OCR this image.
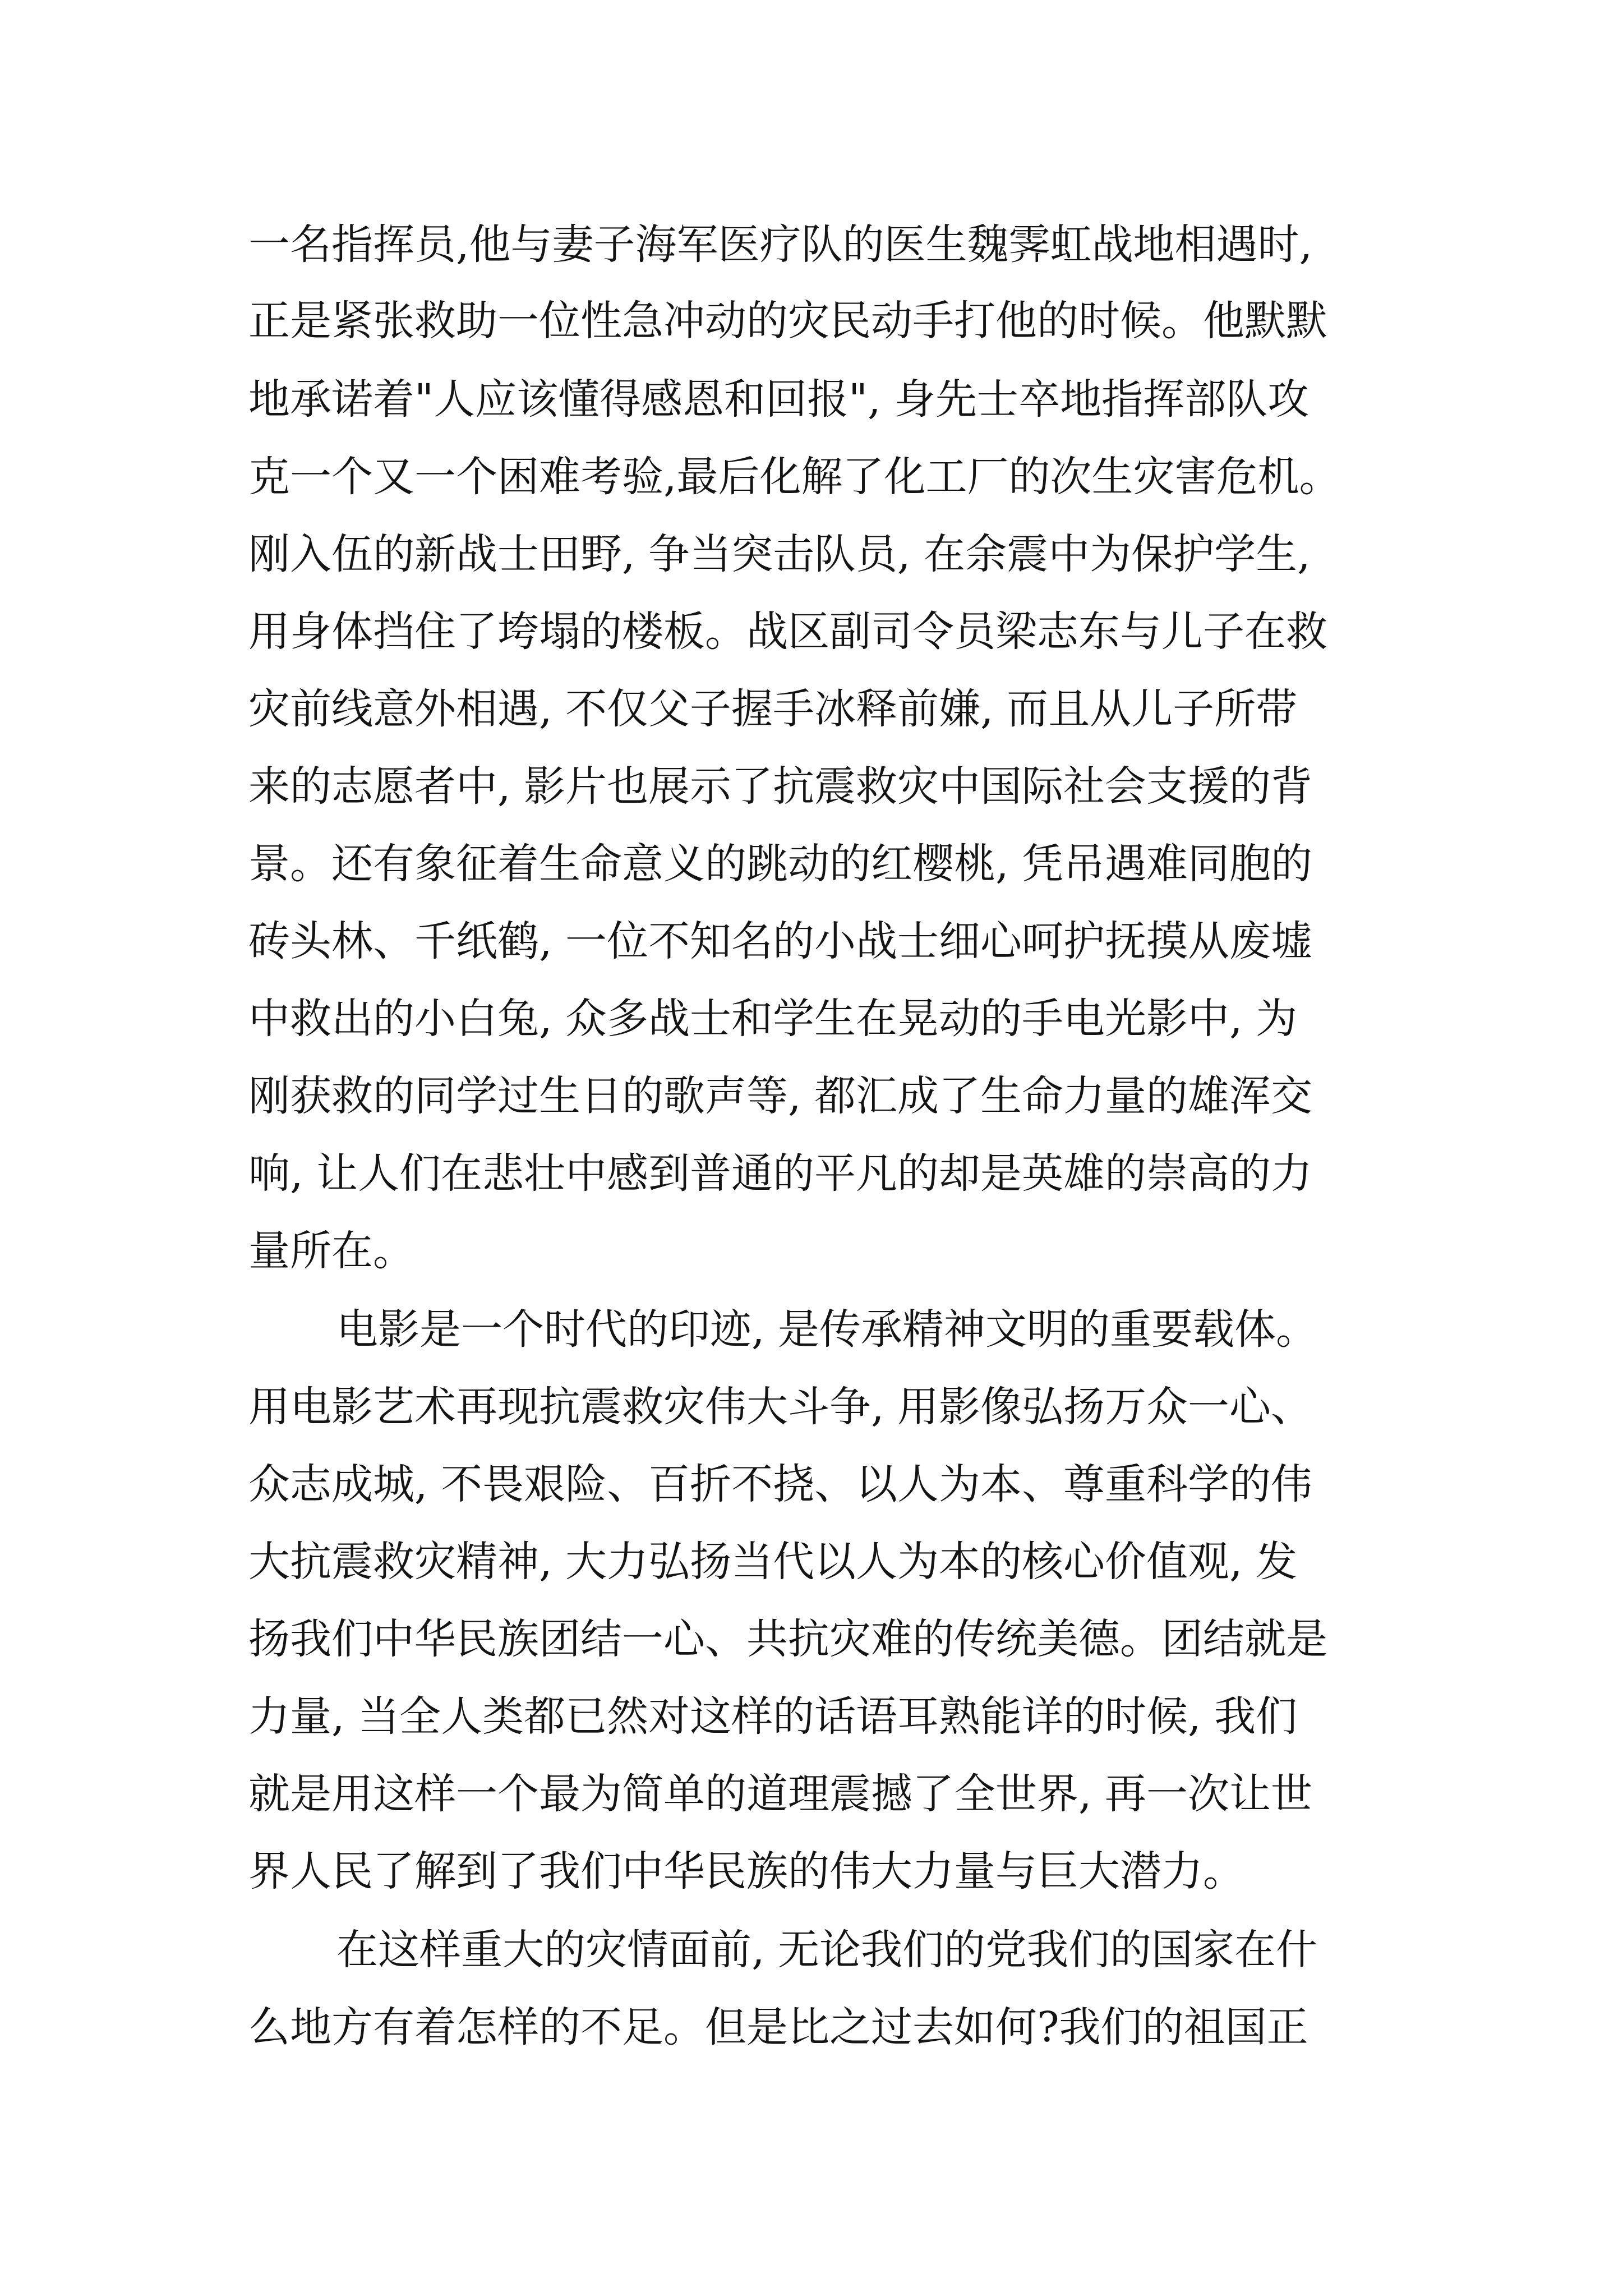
一名指挥员,他与妻子海军医疗队的医生魏霁虹战地相遇时,

正是紧张救助一位性急冲动的灾民动手打他的时候。他默默

地承诺着"人应该懂得感恩和回报", 身先士卒地指挥部队攻

克一个又一个困难考验,最后化解了化工厂的次生灾害危机。

刚入伍的新战士田野, 争当突击队员, 在余震中为保护学生,

用身体挡住了垮塌的楼板。战区副司令员梁志东与儿子在救

灾前线意外相遇, 不仅父子握手冰释前嫌, 而且从儿子所带

来的志愿者中, 影片也展示了抗震救灾中国际社会支援的背

景。还有象征着生命意义的跳动的红樱桃, 凭吊遇难同胞的

砖头林、千纸鹤, 一位不知名的小战士细心呵护抚摸从废墟

中救出的小白兔, 众多战士和学生在晃动的手电光影中, 为

刚获救的同学过生日的歌声等, 都汇成了生命力量的雄浑交

响, 让人们在悲壮中感到普通的平凡的却是英雄的崇高的力

量所在。

电影是一个时代的印迹, 是传承精神文明的重要载体。

用电影艺术再现抗震救灾伟大斗争, 用影像弘扬万众一心、

众志成城, 不畏艰险、百折不挠、以人为本、尊重科学的伟

大抗震救灾精神, 大力弘扬当代以人为本的核心价值观, 发

扬我们中华民族团结一心、共抗灾难的传统美德。团结就是

力量, 当全人类都已然对这样的话语耳熟能详的时候, 我们

就是用这样一个最为简单的道理震撼了全世界, 再一次让世

界人民了解到了我们中华民族的伟大力量与巨大潜力。

在这样重大的灾情面前, 无论我们的党我们的国家在什

么地方有着怎样的不足。但是比之过去如何?我们的祖国正
